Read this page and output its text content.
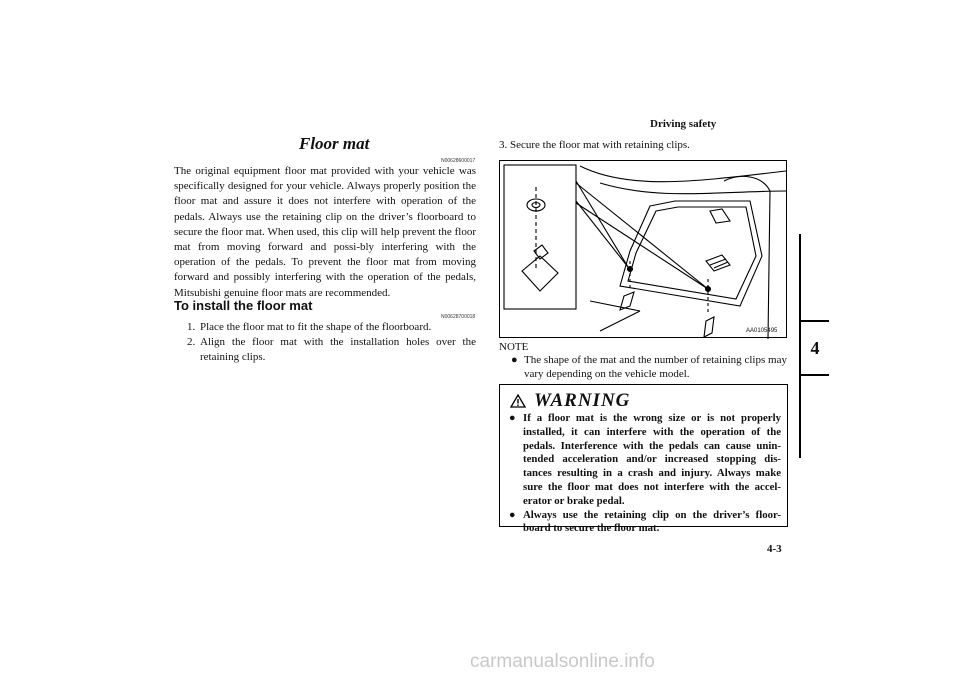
Driving safety
4
Floor mat
N00628600017
The original equipment floor mat provided with your vehicle was specifically designed for your vehicle. Always properly position the floor mat and assure it does not interfere with operation of the pedals. Always use the retaining clip on the driver’s floorboard to secure the floor mat. When used, this clip will help prevent the floor mat from moving forward and possi-bly interfering with the operation of the pedals. To prevent the floor mat from moving forward and possibly interfering with the operation of the pedals, Mitsubishi genuine floor mats are recommended.
To install the floor mat
N00628700018
1. Place the floor mat to fit the shape of the floorboard.
2. Align the floor mat with the installation holes over the retaining clips.
3. Secure the floor mat with retaining clips.
AA0105495
NOTE
● The shape of the mat and the number of retaining clips may vary depending on the vehicle model.
WARNING
● If a floor mat is the wrong size or is not properly installed, it can interfere with the operation of the pedals. Interference with the pedals can cause unin-tended acceleration and/or increased stopping dis-tances resulting in a crash and injury. Always make sure the floor mat does not interfere with the accel-erator or brake pedal.
● Always use the retaining clip on the driver’s floor-board to secure the floor mat.
4-3
carmanualsonline.info
